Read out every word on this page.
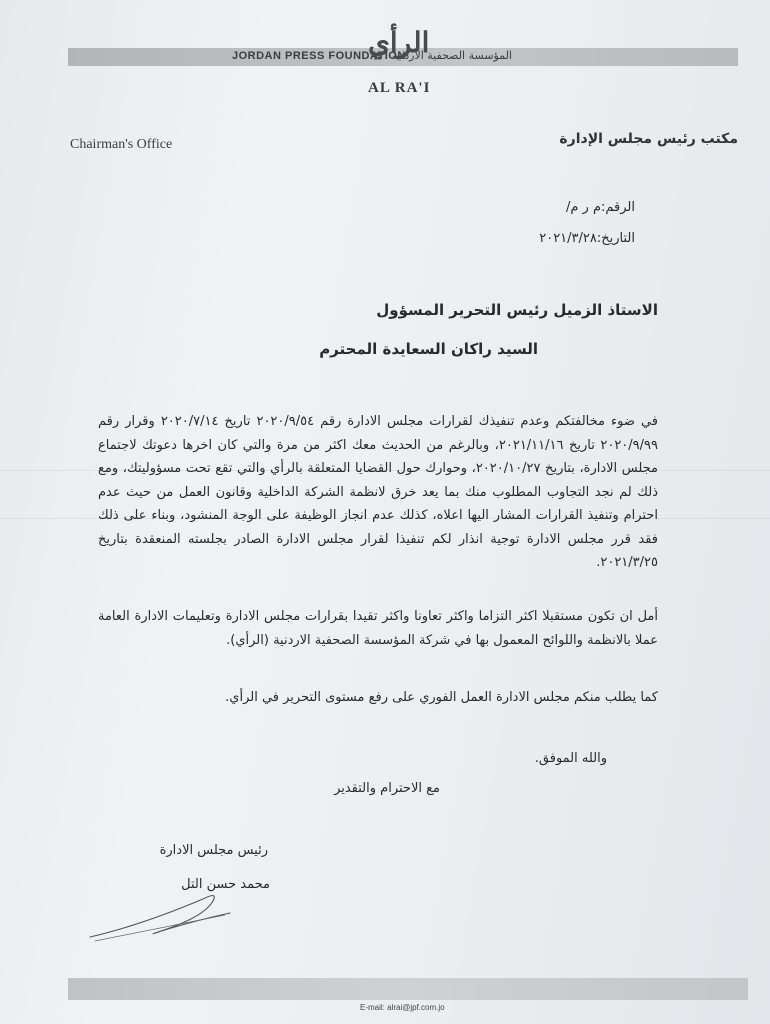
JORDAN PRESS FOUNDATION
المؤسسة الصحفية الأردنية
الرأي
AL RA'I
Chairman's Office	مكتب رئيس مجلس الإدارة
الرقم:م ر م/
التاريخ:٢٠٢١/٣/٢٨
الاستاذ الزميل رئيس التحرير المسؤول
السيد راكان السعايدة المحترم
في ضوء مخالفتكم وعدم تنفيذك لقرارات مجلس الادارة رقم ٢٠٢٠/٩/٥٤ تاريخ ٢٠٢٠/٧/١٤ وقرار رقم ٢٠٢٠/٩/٩٩ تاريخ ٢٠٢١/١١/١٦، وبالرغم من الحديث معك اكثر من مرة والتي كان اخرها دعوتك لاجتماع مجلس الادارة، بتاريخ ٢٠٢٠/١٠/٢٧، وحوارك حول القضايا المتعلقة بالرأي والتي تقع تحت مسؤوليتك، ومع ذلك لم نجد التجاوب المطلوب منك بما يعد خرق لانظمة الشركة الداخلية وقانون العمل من حيث عدم احترام وتنفيذ القرارات المشار اليها اعلاه، كذلك عدم انجاز الوظيفة على الوجة المنشود، وبناء على ذلك فقد قرر مجلس الادارة توجية انذار لكم تنفيذا لقرار مجلس الادارة الصادر بجلسته المنعقدة بتاريخ ٢٠٢١/٣/٢٥.
أمل ان تكون مستقبلا اكثر التزاما واكثر تعاونا واكثر تقيدا بقرارات مجلس الادارة وتعليمات الادارة العامة عملا بالانظمة واللوائح المعمول بها في شركة المؤسسة الصحفية الاردنية (الرأي).
كما يطلب منكم مجلس الادارة العمل الفوري على رفع مستوى التحرير في الرأي.
والله الموفق.
مع الاحترام والتقدير
رئيس مجلس الادارة
محمد حسن التل
E-mail: alrai@jpf.com.jo
